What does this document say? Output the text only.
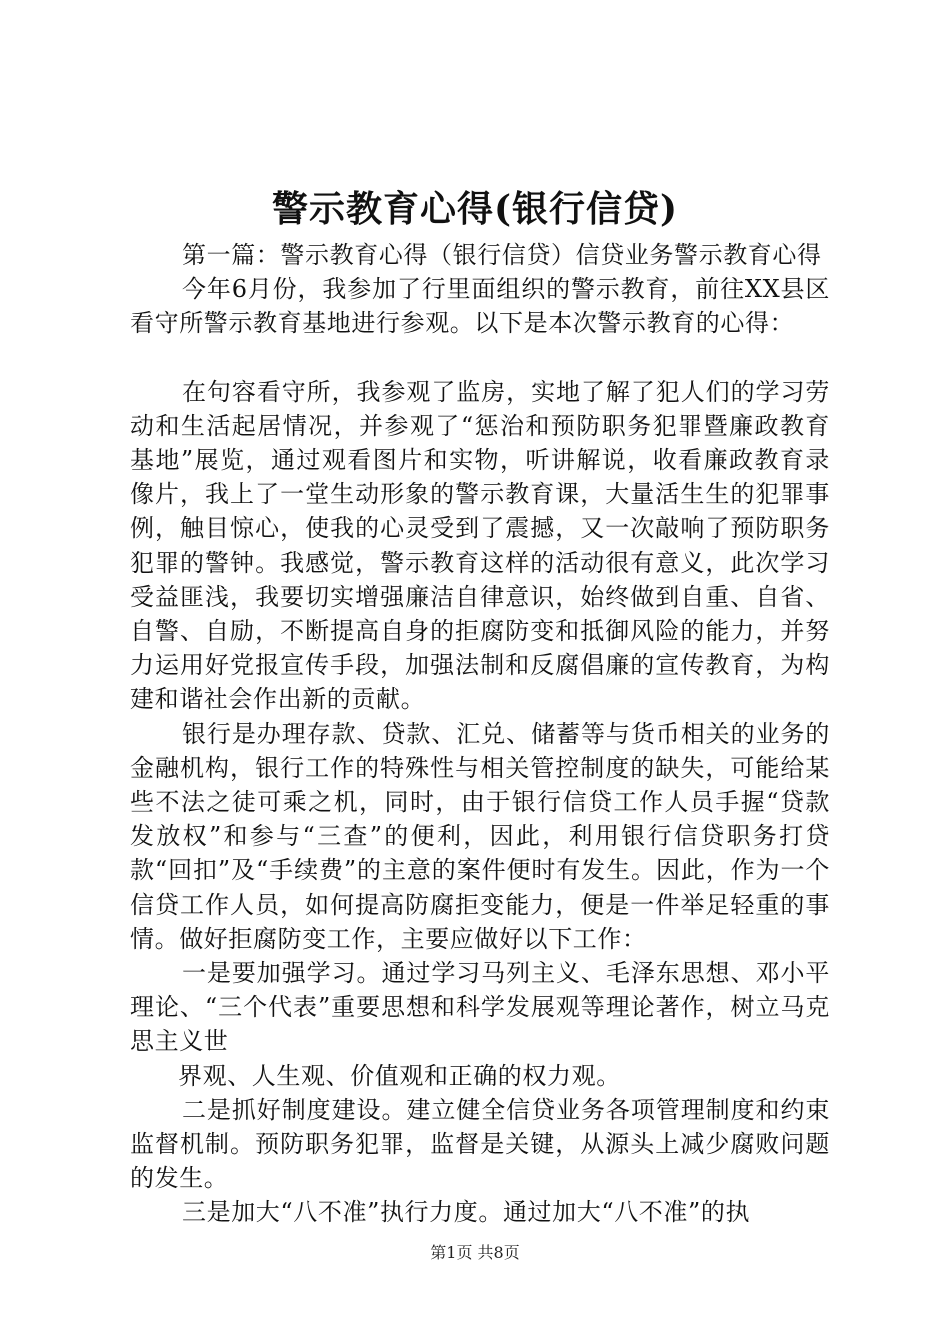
警示教育心得(银行信贷)

第一篇：警示教育心得（银行信贷）信贷业务警示教育心得

今年6月份，我参加了行里面组织的警示教育，前往XX县区看守所警示教育基地进行参观。以下是本次警示教育的心得：

在句容看守所，我参观了监房，实地了解了犯人们的学习劳动和生活起居情况，并参观了“惩治和预防职务犯罪暨廉政教育基地”展览，通过观看图片和实物，听讲解说，收看廉政教育录像片，我上了一堂生动形象的警示教育课，大量活生生的犯罪事例，触目惊心，使我的心灵受到了震撼，又一次敲响了预防职务犯罪的警钟。我感觉，警示教育这样的活动很有意义，此次学习受益匪浅，我要切实增强廉洁自律意识，始终做到自重、自省、自警、自励，不断提高自身的拒腐防变和抵御风险的能力，并努力运用好党报宣传手段，加强法制和反腐倡廉的宣传教育，为构建和谐社会作出新的贡献。

银行是办理存款、贷款、汇兑、储蓄等与货币相关的业务的金融机构，银行工作的特殊性与相关管控制度的缺失，可能给某些不法之徒可乘之机，同时，由于银行信贷工作人员手握“贷款发放权”和参与“三查”的便利，因此，利用银行信贷职务打贷款“回扣”及“手续费”的主意的案件便时有发生。因此，作为一个信贷工作人员，如何提高防腐拒变能力，便是一件举足轻重的事情。做好拒腐防变工作，主要应做好以下工作：

一是要加强学习。通过学习马列主义、毛泽东思想、邓小平理论、“三个代表”重要思想和科学发展观等理论著作，树立马克思主义世

界观、人生观、价值观和正确的权力观。

二是抓好制度建设。建立健全信贷业务各项管理制度和约束监督机制。预防职务犯罪，监督是关键，从源头上减少腐败问题的发生。

三是加大“八不准”执行力度。通过加大“八不准”的执

第1页 共8页
